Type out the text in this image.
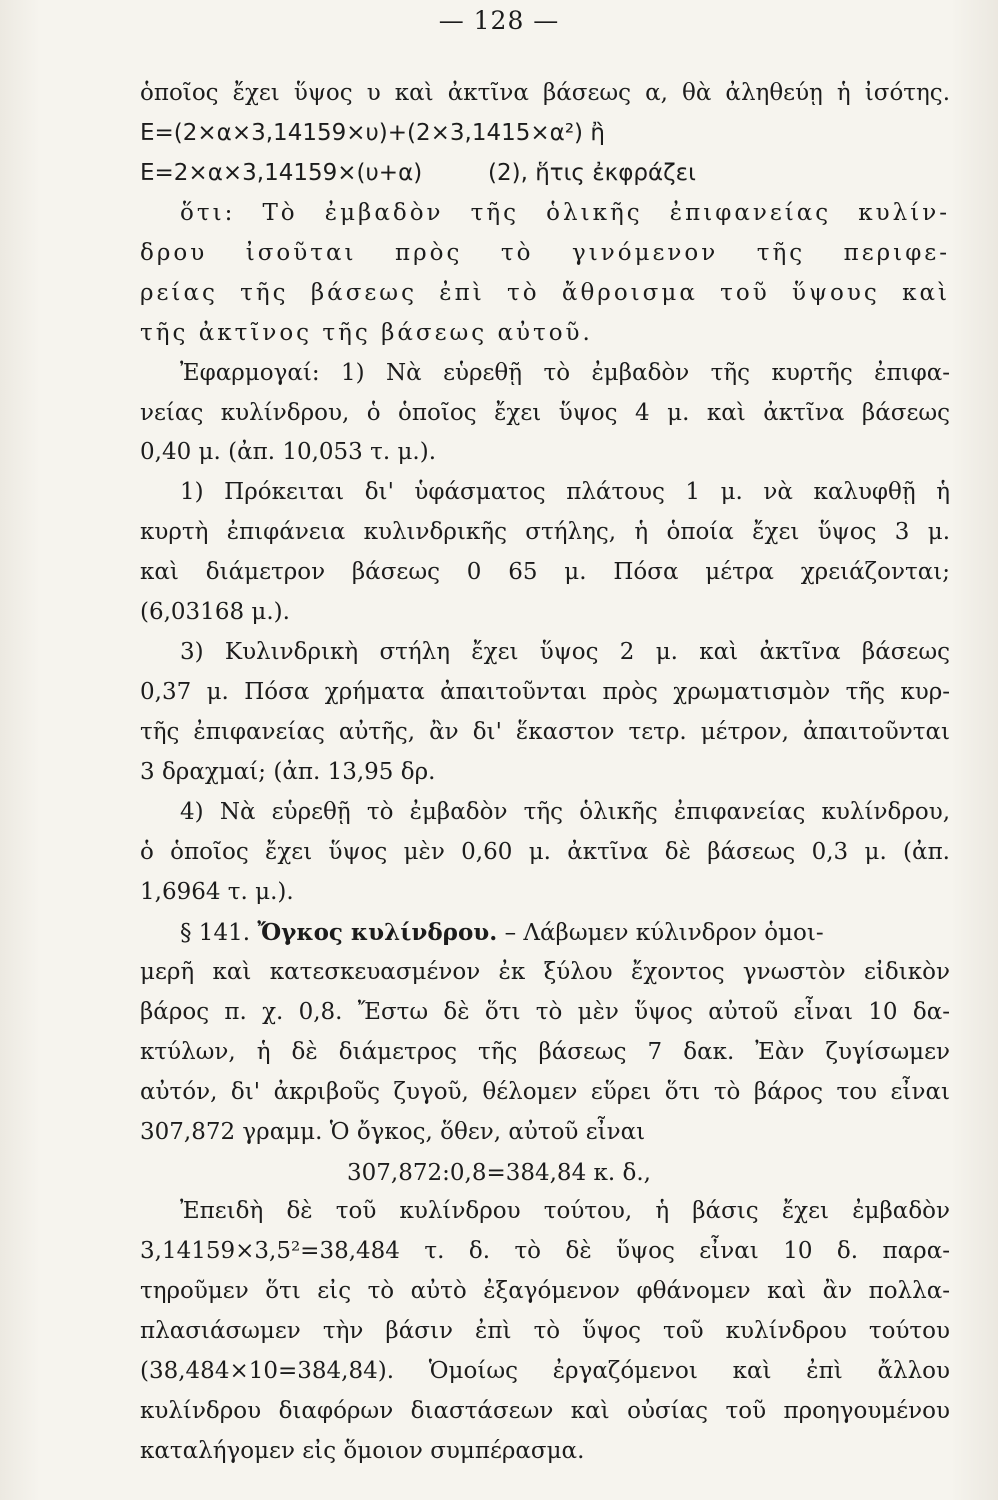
— 128 —
ὁποῖος ἔχει ὕψος υ καὶ ἀκτῖνα βάσεως α, θὰ ἀληθεύῃ ἡ ἰσότης.
Ε=(2×α×3,14159×υ)+(2×3,1415×α²) ἢ
Ε=2×α×3,14159×(υ+α)         (2), ἥτις ἐκφράζει
ὅτι: Τὸ ἐμβαδὸν τῆς ὁλικῆς ἐπιφανείας κυλίν-
δρου ἰσοῦται πρὸς τὸ γινόμενον τῆς περιφε-
ρείας τῆς βάσεως ἐπὶ τὸ ἄθροισμα τοῦ ὕψους καὶ
τῆς ἀκτῖνος τῆς βάσεως αὐτοῦ.
Ἐφαρμογαί: 1) Νὰ εὑρεθῇ τὸ ἐμβαδὸν τῆς κυρτῆς ἐπιφα-
νείας κυλίνδρου, ὁ ὁποῖος ἔχει ὕψος 4 μ. καὶ ἀκτῖνα βάσεως
0,40 μ. (ἀπ. 10,053 τ. μ.).
1) Πρόκειται δι' ὑφάσματος πλάτους 1 μ. νὰ καλυφθῇ ἡ
κυρτὴ ἐπιφάνεια κυλινδρικῆς στήλης, ἡ ὁποία ἔχει ὕψος 3 μ.
καὶ διάμετρον βάσεως 0 65 μ. Πόσα μέτρα χρειάζονται;
(6,03168 μ.).
3) Κυλινδρικὴ στήλη ἔχει ὕψος 2 μ. καὶ ἀκτῖνα βάσεως
0,37 μ. Πόσα χρήματα ἀπαιτοῦνται πρὸς χρωματισμὸν τῆς κυρ-
τῆς ἐπιφανείας αὐτῆς, ἂν δι' ἕκαστον τετρ. μέτρον, ἀπαιτοῦνται
3 δραχμαί; (ἀπ. 13,95 δρ.
4) Νὰ εὑρεθῇ τὸ ἐμβαδὸν τῆς ὁλικῆς ἐπιφανείας κυλίνδρου,
ὁ ὁποῖος ἔχει ὕψος μὲν 0,60 μ. ἀκτῖνα δὲ βάσεως 0,3 μ. (ἀπ.
1,6964 τ. μ.).
§ 141. Ὄγκος κυλίνδρου. – Λάβωμεν κύλινδρον ὁμοι-
μερῆ καὶ κατεσκευασμένον ἐκ ξύλου ἔχοντος γνωστὸν εἰδικὸν
βάρος π. χ. 0,8. Ἔστω δὲ ὅτι τὸ μὲν ὕψος αὐτοῦ εἶναι 10 δα-
κτύλων, ἡ δὲ διάμετρος τῆς βάσεως 7 δακ. Ἐὰν ζυγίσωμεν
αὐτόν, δι' ἀκριβοῦς ζυγοῦ, θέλομεν εὕρει ὅτι τὸ βάρος του εἶναι
307,872 γραμμ. Ὁ ὄγκος, ὅθεν, αὐτοῦ εἶναι
307,872:0,8=384,84 κ. δ.,
Ἐπειδὴ δὲ τοῦ κυλίνδρου τούτου, ἡ βάσις ἔχει ἐμβαδὸν
3,14159×3,5²=38,484 τ. δ. τὸ δὲ ὕψος εἶναι 10 δ. παρα-
τηροῦμεν ὅτι εἰς τὸ αὐτὸ ἐξαγόμενον φθάνομεν καὶ ἂν πολλα-
πλασιάσωμεν τὴν βάσιν ἐπὶ τὸ ὕψος τοῦ κυλίνδρου τούτου
(38,484×10=384,84). Ὁμοίως ἐργαζόμενοι καὶ ἐπὶ ἄλλου
κυλίνδρου διαφόρων διαστάσεων καὶ οὐσίας τοῦ προηγουμένου
καταλήγομεν εἰς ὅμοιον συμπέρασμα.
